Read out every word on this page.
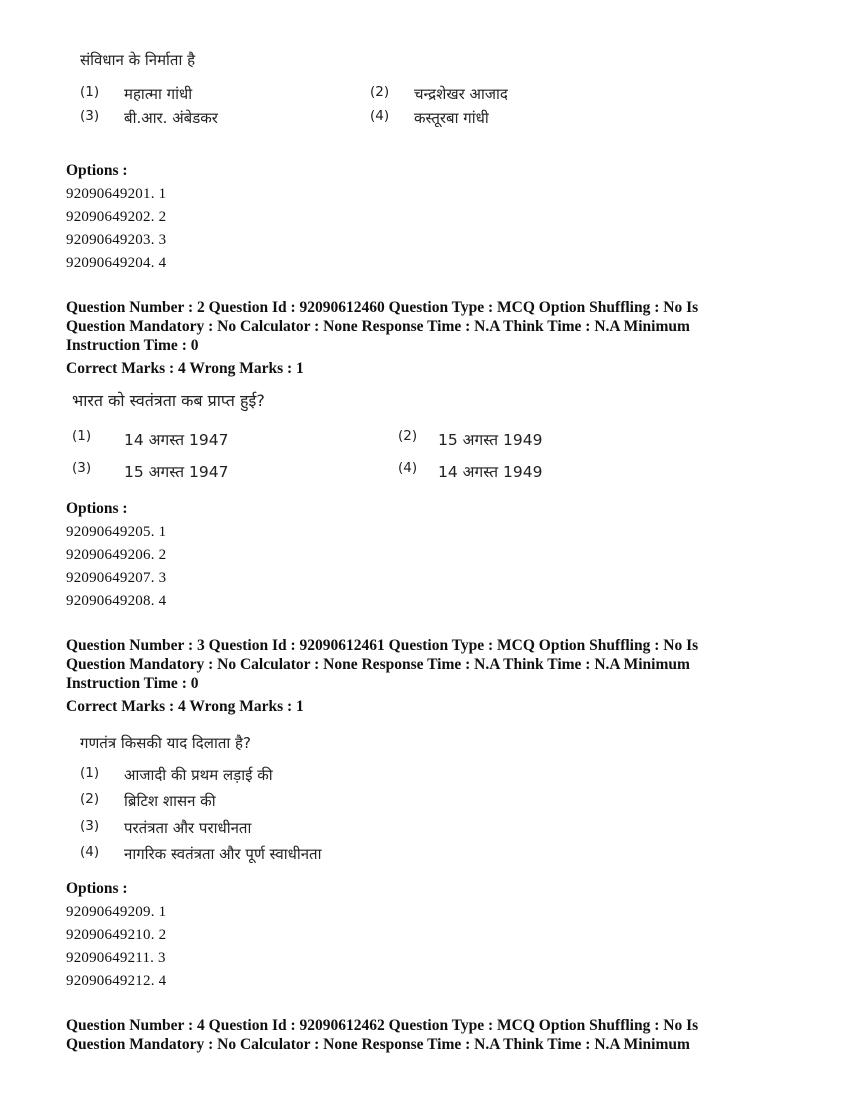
संविधान के निर्माता है
(1)	महात्मा गांधी	(2)	चन्द्रशेखर आजाद
(3)	बी.आर. अंबेडकर	(4)	कस्तूरबा गांधी
Options :
92090649201. 1
92090649202. 2
92090649203. 3
92090649204. 4
Question Number : 2 Question Id : 92090612460 Question Type : MCQ Option Shuffling : No Is
Question Mandatory : No Calculator : None Response Time : N.A Think Time : N.A Minimum
Instruction Time : 0
Correct Marks : 4 Wrong Marks : 1
भारत को स्वतंत्रता कब प्राप्त हुई?
(1)	14 अगस्त 1947	(2)	15 अगस्त 1949
(3)	15 अगस्त 1947	(4)	14 अगस्त 1949
Options :
92090649205. 1
92090649206. 2
92090649207. 3
92090649208. 4
Question Number : 3 Question Id : 92090612461 Question Type : MCQ Option Shuffling : No Is
Question Mandatory : No Calculator : None Response Time : N.A Think Time : N.A Minimum
Instruction Time : 0
Correct Marks : 4 Wrong Marks : 1
गणतंत्र किसकी याद दिलाता है?
(1)	आजादी की प्रथम लड़ाई की
(2)	ब्रिटिश शासन की
(3)	परतंत्रता और पराधीनता
(4)	नागरिक स्वतंत्रता और पूर्ण स्वाधीनता
Options :
92090649209. 1
92090649210. 2
92090649211. 3
92090649212. 4
Question Number : 4 Question Id : 92090612462 Question Type : MCQ Option Shuffling : No Is
Question Mandatory : No Calculator : None Response Time : N.A Think Time : N.A Minimum
